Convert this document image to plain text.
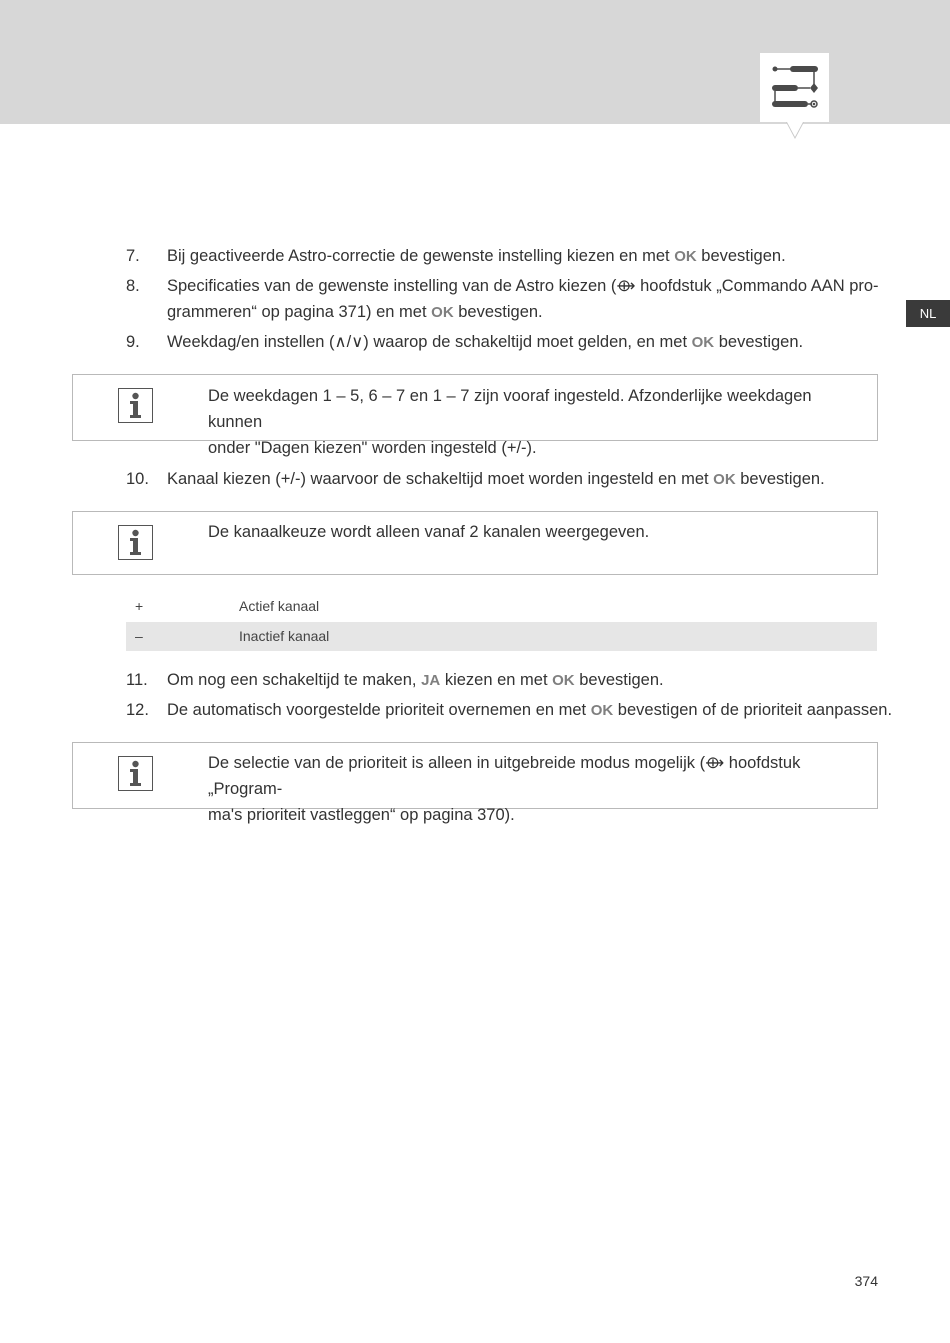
NL
7.	Bij geactiveerde Astro-correctie de gewenste instelling kiezen en met OK bevestigen.
8.	Specificaties van de gewenste instelling van de Astro kiezen (⟴ hoofdstuk „Commando AAN pro-
grammeren“ op pagina 371) en met OK bevestigen.
9.	Weekdag/en instellen (∧/∨) waarop de schakeltijd moet gelden, en met OK bevestigen.
De weekdagen 1 – 5, 6 – 7 en 1 – 7 zijn vooraf ingesteld. Afzonderlijke weekdagen kunnen
onder "Dagen kiezen" worden ingesteld (+/-).
10.	Kanaal kiezen (+/-) waarvoor de schakeltijd moet worden ingesteld en met OK bevestigen.
De kanaalkeuze wordt alleen vanaf 2 kanalen weergegeven.
+	Actief kanaal
–	Inactief kanaal
11.	Om nog een schakeltijd te maken, JA kiezen en met OK bevestigen.
12.	De automatisch voorgestelde prioriteit overnemen en met OK bevestigen of de prioriteit aanpassen.
De selectie van de prioriteit is alleen in uitgebreide modus mogelijk (⟴ hoofdstuk „Program-
ma's prioriteit vastleggen“ op pagina 370).
374
